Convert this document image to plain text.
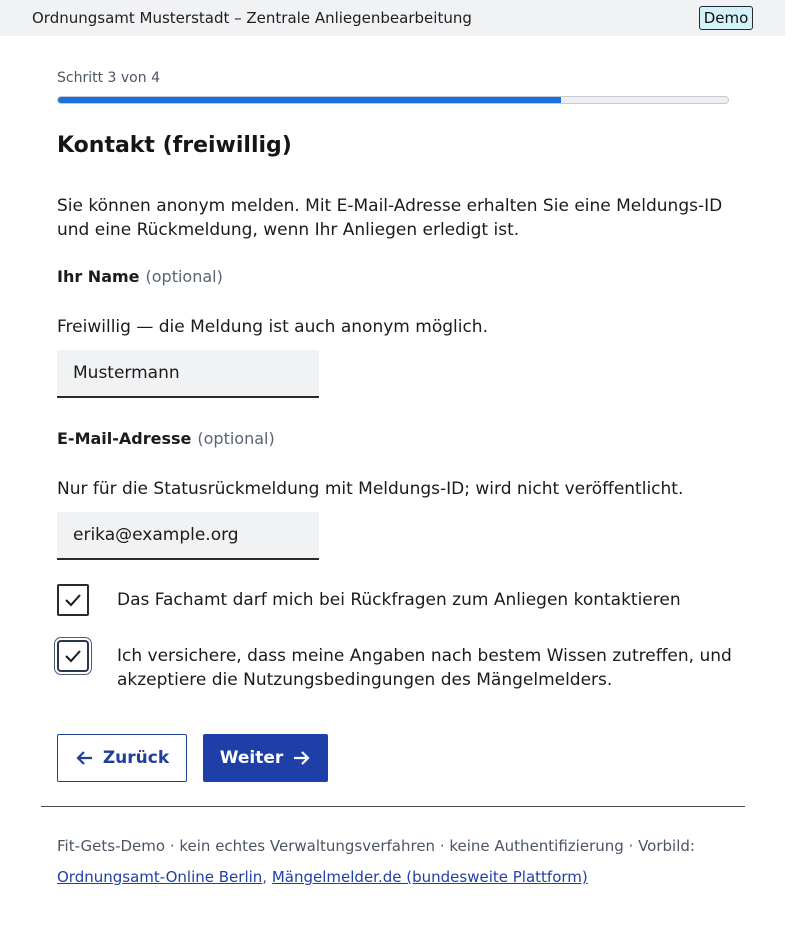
Ordnungsamt Musterstadt – Zentrale Anliegenbearbeitung	Demo
Schritt 3 von 4
Kontakt (freiwillig)

Sie können anonym melden. Mit E-Mail-Adresse erhalten Sie eine Meldungs-ID und eine Rückmeldung, wenn Ihr Anliegen erledigt ist.

Ihr Name (optional)
Freiwillig — die Meldung ist auch anonym möglich.
Mustermann
E-Mail-Adresse (optional)
Nur für die Statusrückmeldung mit Meldungs-ID; wird nicht veröffentlicht.
erika@example.org
Das Fachamt darf mich bei Rückfragen zum Anliegen kontaktieren
Ich versichere, dass meine Angaben nach bestem Wissen zutreffen, und akzeptiere die Nutzungsbedingungen des Mängelmelders.
Zurück	Weiter
Fit-Gets-Demo · kein echtes Verwaltungsverfahren · keine Authentifizierung · Vorbild:
Ordnungsamt-Online Berlin, Mängelmelder.de (bundesweite Plattform)
